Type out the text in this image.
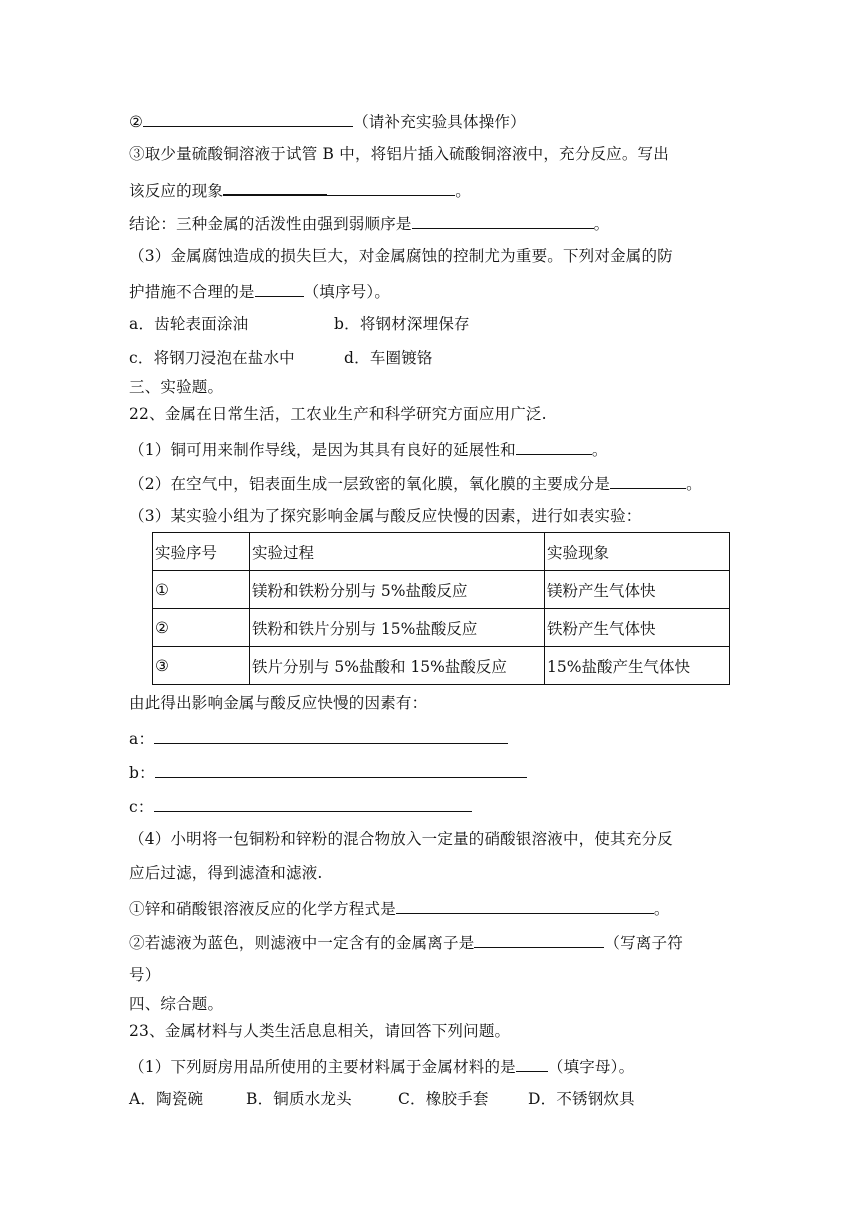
②	（请补充实验具体操作）
③取少量硫酸铜溶液于试管 B 中，将铝片插入硫酸铜溶液中，充分反应。写出
该反应的现象	。
结论：三种金属的活泼性由强到弱顺序是	。
（3）金属腐蚀造成的损失巨大，对金属腐蚀的控制尤为重要。下列对金属的防
护措施不合理的是	（填序号）。
a．齿轮表面涂油	b．将钢材深埋保存
c．将钢刀浸泡在盐水中	d．车圈镀铬
三、实验题。
22、金属在日常生活，工农业生产和科学研究方面应用广泛.
（1）铜可用来制作导线，是因为其具有良好的延展性和	。
（2）在空气中，铝表面生成一层致密的氧化膜，氧化膜的主要成分是	。
（3）某实验小组为了探究影响金属与酸反应快慢的因素，进行如表实验：
实验序号	实验过程	实验现象
①	镁粉和铁粉分别与 5%盐酸反应	镁粉产生气体快
②	铁粉和铁片分别与 15%盐酸反应	铁粉产生气体快
③	铁片分别与 5%盐酸和 15%盐酸反应	15%盐酸产生气体快
由此得出影响金属与酸反应快慢的因素有：
a：
b：
c：
（4）小明将一包铜粉和锌粉的混合物放入一定量的硝酸银溶液中，使其充分反
应后过滤，得到滤渣和滤液.
①锌和硝酸银溶液反应的化学方程式是	。
②若滤液为蓝色，则滤液中一定含有的金属离子是	（写离子符
号）
四、综合题。
23、金属材料与人类生活息息相关，请回答下列问题。
（1）下列厨房用品所使用的主要材料属于金属材料的是 （填字母）。
A．陶瓷碗	B．铜质水龙头	C．橡胶手套	D．不锈钢炊具
